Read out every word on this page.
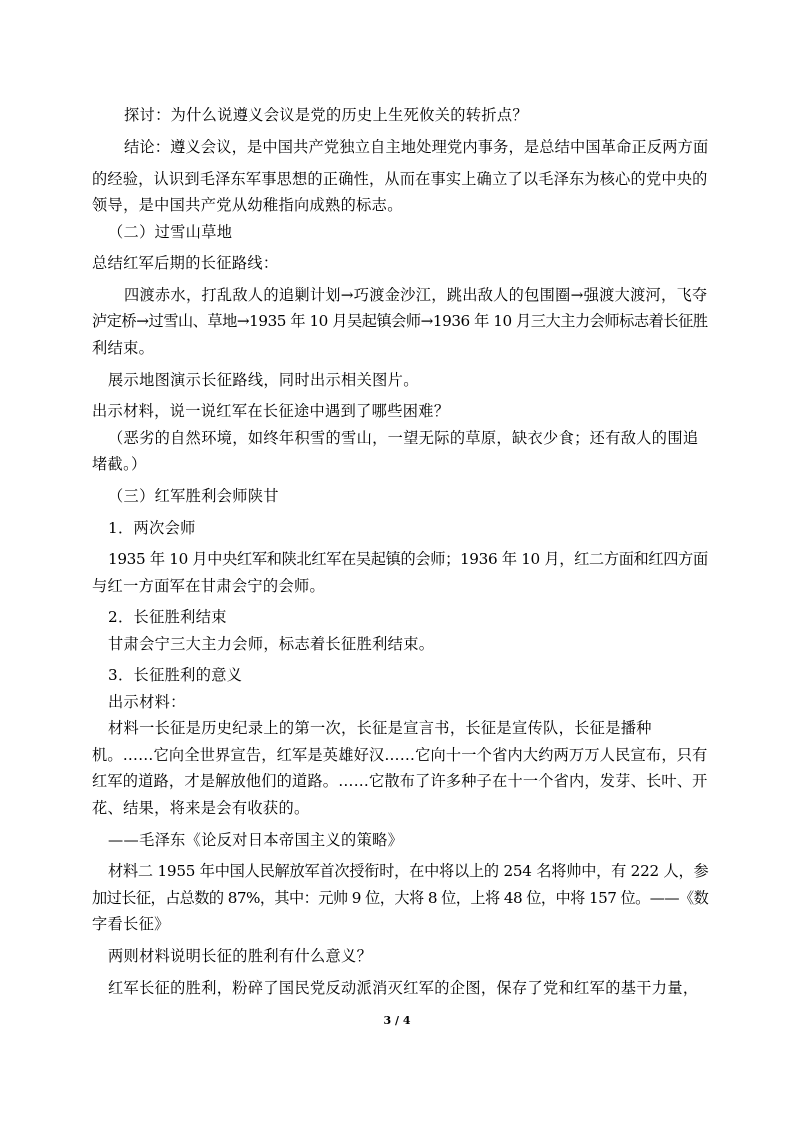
探讨：为什么说遵义会议是党的历史上生死攸关的转折点？

结论：遵义会议，是中国共产党独立自主地处理党内事务，是总结中国革命正反两方面

的经验，认识到毛泽东军事思想的正确性，从而在事实上确立了以毛泽东为核心的党中央的

领导，是中国共产党从幼稚指向成熟的标志。

（二）过雪山草地

总结红军后期的长征路线：

四渡赤水，打乱敌人的追剿计划→巧渡金沙江，跳出敌人的包围圈→强渡大渡河，飞夺

泸定桥→过雪山、草地→1935 年 10 月吴起镇会师→1936 年 10 月三大主力会师标志着长征胜

利结束。

展示地图演示长征路线，同时出示相关图片。

出示材料，说一说红军在长征途中遇到了哪些困难？

（恶劣的自然环境，如终年积雪的雪山，一望无际的草原，缺衣少食；还有敌人的围追

堵截。）

（三）红军胜利会师陕甘

1．两次会师

1935 年 10 月中央红军和陕北红军在吴起镇的会师；1936 年 10 月，红二方面和红四方面

与红一方面军在甘肃会宁的会师。

2．长征胜利结束

甘肃会宁三大主力会师，标志着长征胜利结束。

3．长征胜利的意义

出示材料：

材料一长征是历史纪录上的第一次，长征是宣言书，长征是宣传队，长征是播种

机。……它向全世界宣告，红军是英雄好汉……它向十一个省内大约两万万人民宣布，只有

红军的道路，才是解放他们的道路。……它散布了许多种子在十一个省内，发芽、长叶、开

花、结果，将来是会有收获的。

——毛泽东《论反对日本帝国主义的策略》

材料二 1955 年中国人民解放军首次授衔时，在中将以上的 254 名将帅中，有 222 人，参

加过长征，占总数的 87%，其中：元帅 9 位，大将 8 位，上将 48 位，中将 157 位。——《数

字看长征》

两则材料说明长征的胜利有什么意义？

红军长征的胜利，粉碎了国民党反动派消灭红军的企图，保存了党和红军的基干力量，

3 / 4
